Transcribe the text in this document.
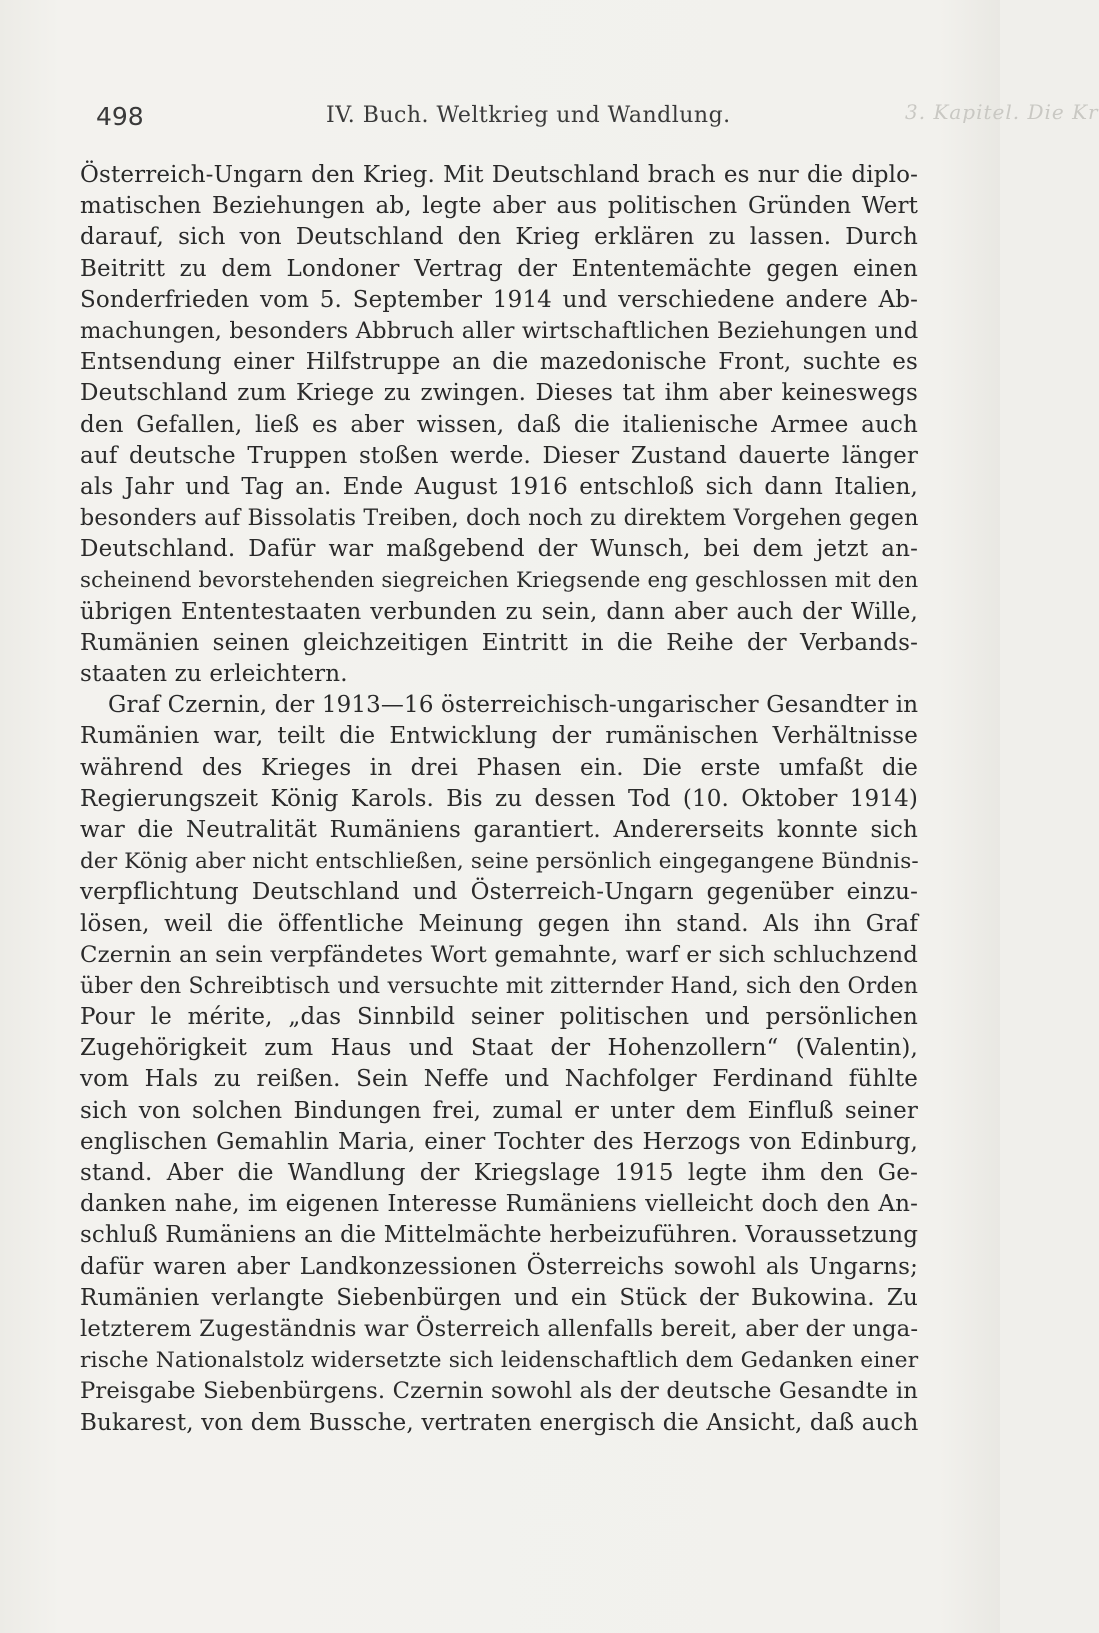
3. Kapitel. Die Kr
498	IV. Buch. Weltkrieg und Wandlung.
Österreich-Ungarn den Krieg. Mit Deutschland brach es nur die diplo-
matischen Beziehungen ab, legte aber aus politischen Gründen Wert
darauf, sich von Deutschland den Krieg erklären zu lassen. Durch
Beitritt zu dem Londoner Vertrag der Ententemächte gegen einen
Sonderfrieden vom 5. September 1914 und verschiedene andere Ab-
machungen, besonders Abbruch aller wirtschaftlichen Beziehungen und
Entsendung einer Hilfstruppe an die mazedonische Front, suchte es
Deutschland zum Kriege zu zwingen. Dieses tat ihm aber keineswegs
den Gefallen, ließ es aber wissen, daß die italienische Armee auch
auf deutsche Truppen stoßen werde. Dieser Zustand dauerte länger
als Jahr und Tag an. Ende August 1916 entschloß sich dann Italien,
besonders auf Bissolatis Treiben, doch noch zu direktem Vorgehen gegen
Deutschland. Dafür war maßgebend der Wunsch, bei dem jetzt an-
scheinend bevorstehenden siegreichen Kriegsende eng geschlossen mit den
übrigen Ententestaaten verbunden zu sein, dann aber auch der Wille,
Rumänien seinen gleichzeitigen Eintritt in die Reihe der Verbands-
staaten zu erleichtern.
Graf Czernin, der 1913—16 österreichisch-ungarischer Gesandter in
Rumänien war, teilt die Entwicklung der rumänischen Verhältnisse
während des Krieges in drei Phasen ein. Die erste umfaßt die
Regierungszeit König Karols. Bis zu dessen Tod (10. Oktober 1914)
war die Neutralität Rumäniens garantiert. Andererseits konnte sich
der König aber nicht entschließen, seine persönlich eingegangene Bündnis-
verpflichtung Deutschland und Österreich-Ungarn gegenüber einzu-
lösen, weil die öffentliche Meinung gegen ihn stand. Als ihn Graf
Czernin an sein verpfändetes Wort gemahnte, warf er sich schluchzend
über den Schreibtisch und versuchte mit zitternder Hand, sich den Orden
Pour le mérite, „das Sinnbild seiner politischen und persönlichen
Zugehörigkeit zum Haus und Staat der Hohenzollern“ (Valentin),
vom Hals zu reißen. Sein Neffe und Nachfolger Ferdinand fühlte
sich von solchen Bindungen frei, zumal er unter dem Einfluß seiner
englischen Gemahlin Maria, einer Tochter des Herzogs von Edinburg,
stand. Aber die Wandlung der Kriegslage 1915 legte ihm den Ge-
danken nahe, im eigenen Interesse Rumäniens vielleicht doch den An-
schluß Rumäniens an die Mittelmächte herbeizuführen. Voraussetzung
dafür waren aber Landkonzessionen Österreichs sowohl als Ungarns;
Rumänien verlangte Siebenbürgen und ein Stück der Bukowina. Zu
letzterem Zugeständnis war Österreich allenfalls bereit, aber der unga-
rische Nationalstolz widersetzte sich leidenschaftlich dem Gedanken einer
Preisgabe Siebenbürgens. Czernin sowohl als der deutsche Gesandte in
Bukarest, von dem Bussche, vertraten energisch die Ansicht, daß auch
